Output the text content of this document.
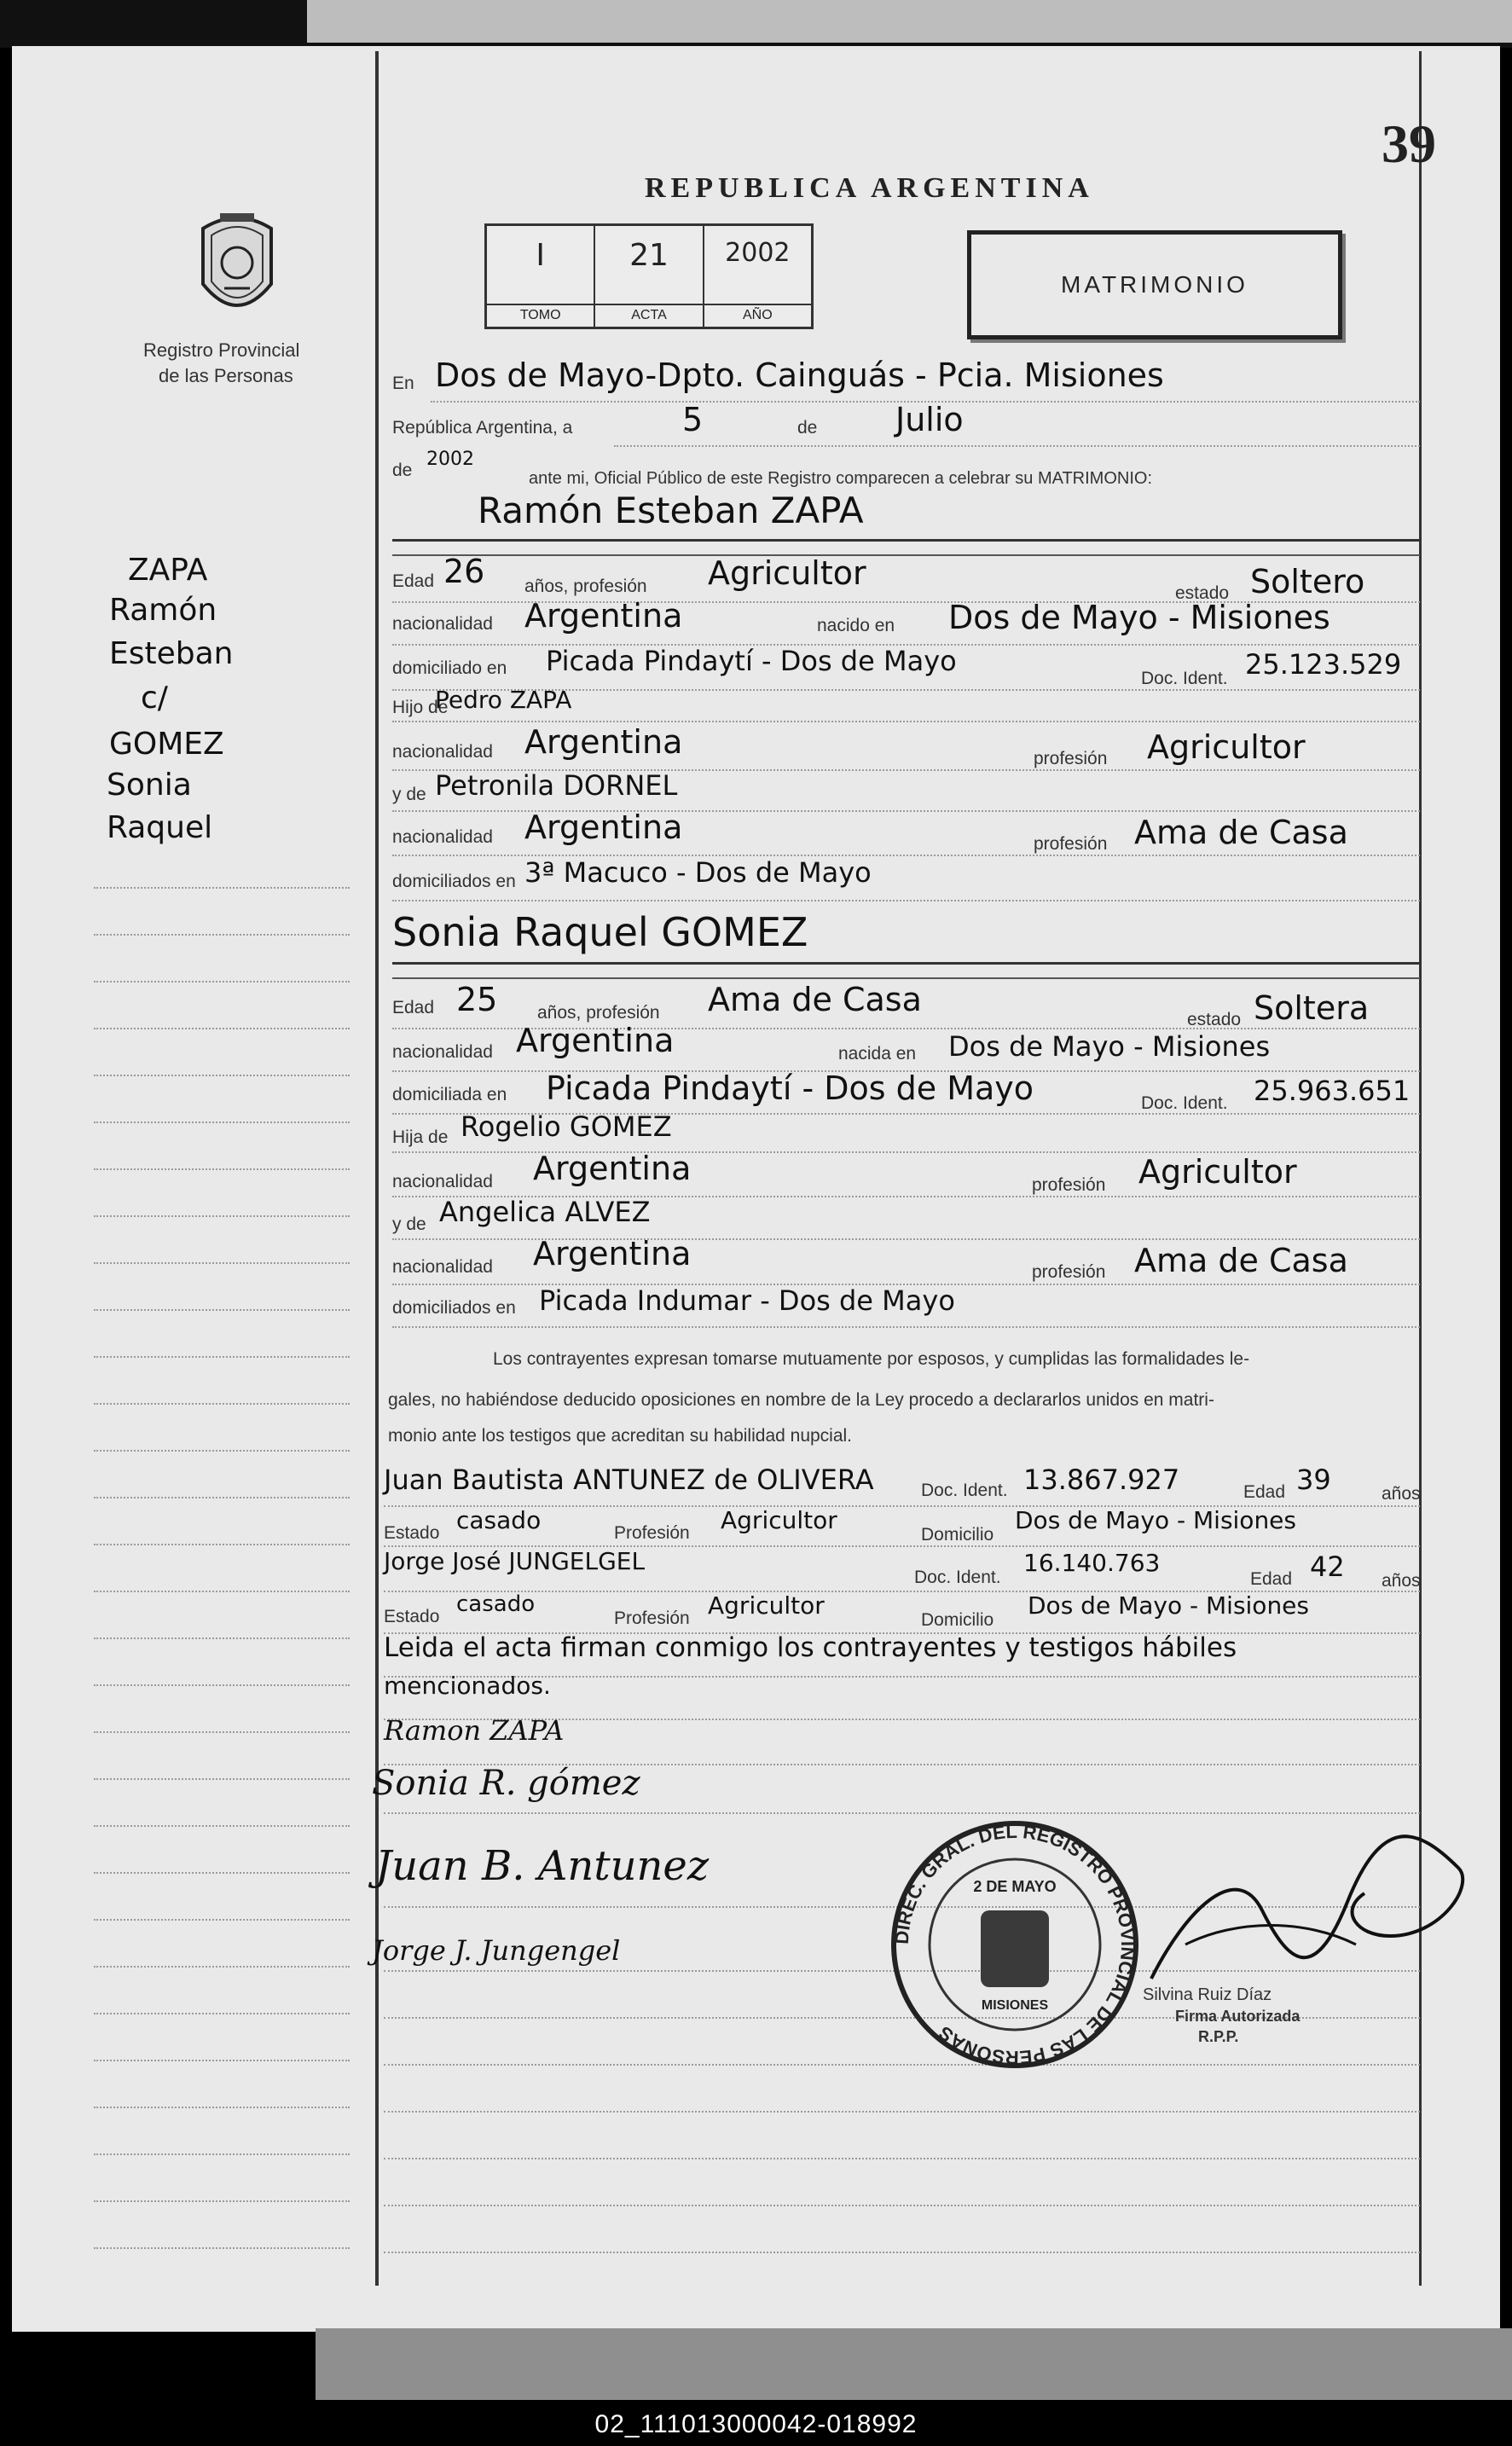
39
Registro Provincial
de las Personas
ZAPA
Ramón
Esteban
c/
GOMEZ
Sonia
Raquel
REPUBLICA ARGENTINA
I
TOMO
21
ACTA
2002
AÑO
MATRIMONIO
En Dos de Mayo-Dpto. Cainguás - Pcia. Misiones
República Argentina, a	5	de Julio
de
2002
ante mi, Oficial Público de este Registro comparecen a celebrar su MATRIMONIO:
Ramón Esteban ZAPA
Edad 26 años, profesión Agricultor
estado Soltero
nacionalidad Argentina	nacido en Dos de Mayo - Misiones
domiciliado en Picada Pindaytí - Dos de Mayo
Doc. Ident. 25.123.529
Hijo de
Pedro ZAPA
nacionalidad Argentina	profesión Agricultor
y de Petronila DORNEL
nacionalidad Argentina	profesión Ama de Casa
domiciliados en 3ª Macuco - Dos de Mayo
Sonia Raquel GOMEZ
Edad 25 años, profesión Ama de Casa
estado Soltera
nacionalidad Argentina	nacida en Dos de Mayo - Misiones
domiciliada en Picada Pindaytí - Dos de Mayo	Doc. Ident. 25.963.651
Hija de Rogelio GOMEZ
nacionalidad Argentina	profesión Agricultor
y de Angelica ALVEZ
nacionalidad Argentina	profesión Ama de Casa
domiciliados en Picada Indumar - Dos de Mayo
Los contrayentes expresan tomarse mutuamente por esposos, y cumplidas las formalidades le-
gales, no habiéndose deducido oposiciones en nombre de la Ley procedo a declararlos unidos en matri-
monio ante los testigos que acreditan su habilidad nupcial.
Juan Bautista ANTUNEZ de OLIVERA	Doc. Ident. 13.867.927	Edad 39	años
Estado casado	Profesión Agricultor
Domicilio
Dos de Mayo - Misiones
Jorge José JUNGELGEL
Doc. Ident.
16.140.763
Edad 42 años
Estado casado
Profesión Agricultor
Domicilio
Dos de Mayo - Misiones
Leida el acta firman conmigo los contrayentes y testigos hábiles
mencionados.
Ramon ZAPA
Sonia R. gómez
Juan B. Antunez
Jorge J. Jungengel	DIREC. GRAL. DEL REGISTRO PROVINCIAL DE LAS PERSONAS
2 DE MAYO
MISIONES
Silvina Ruiz Díaz
Firma Autorizada
R.P.P.
02_111013000042-018992
